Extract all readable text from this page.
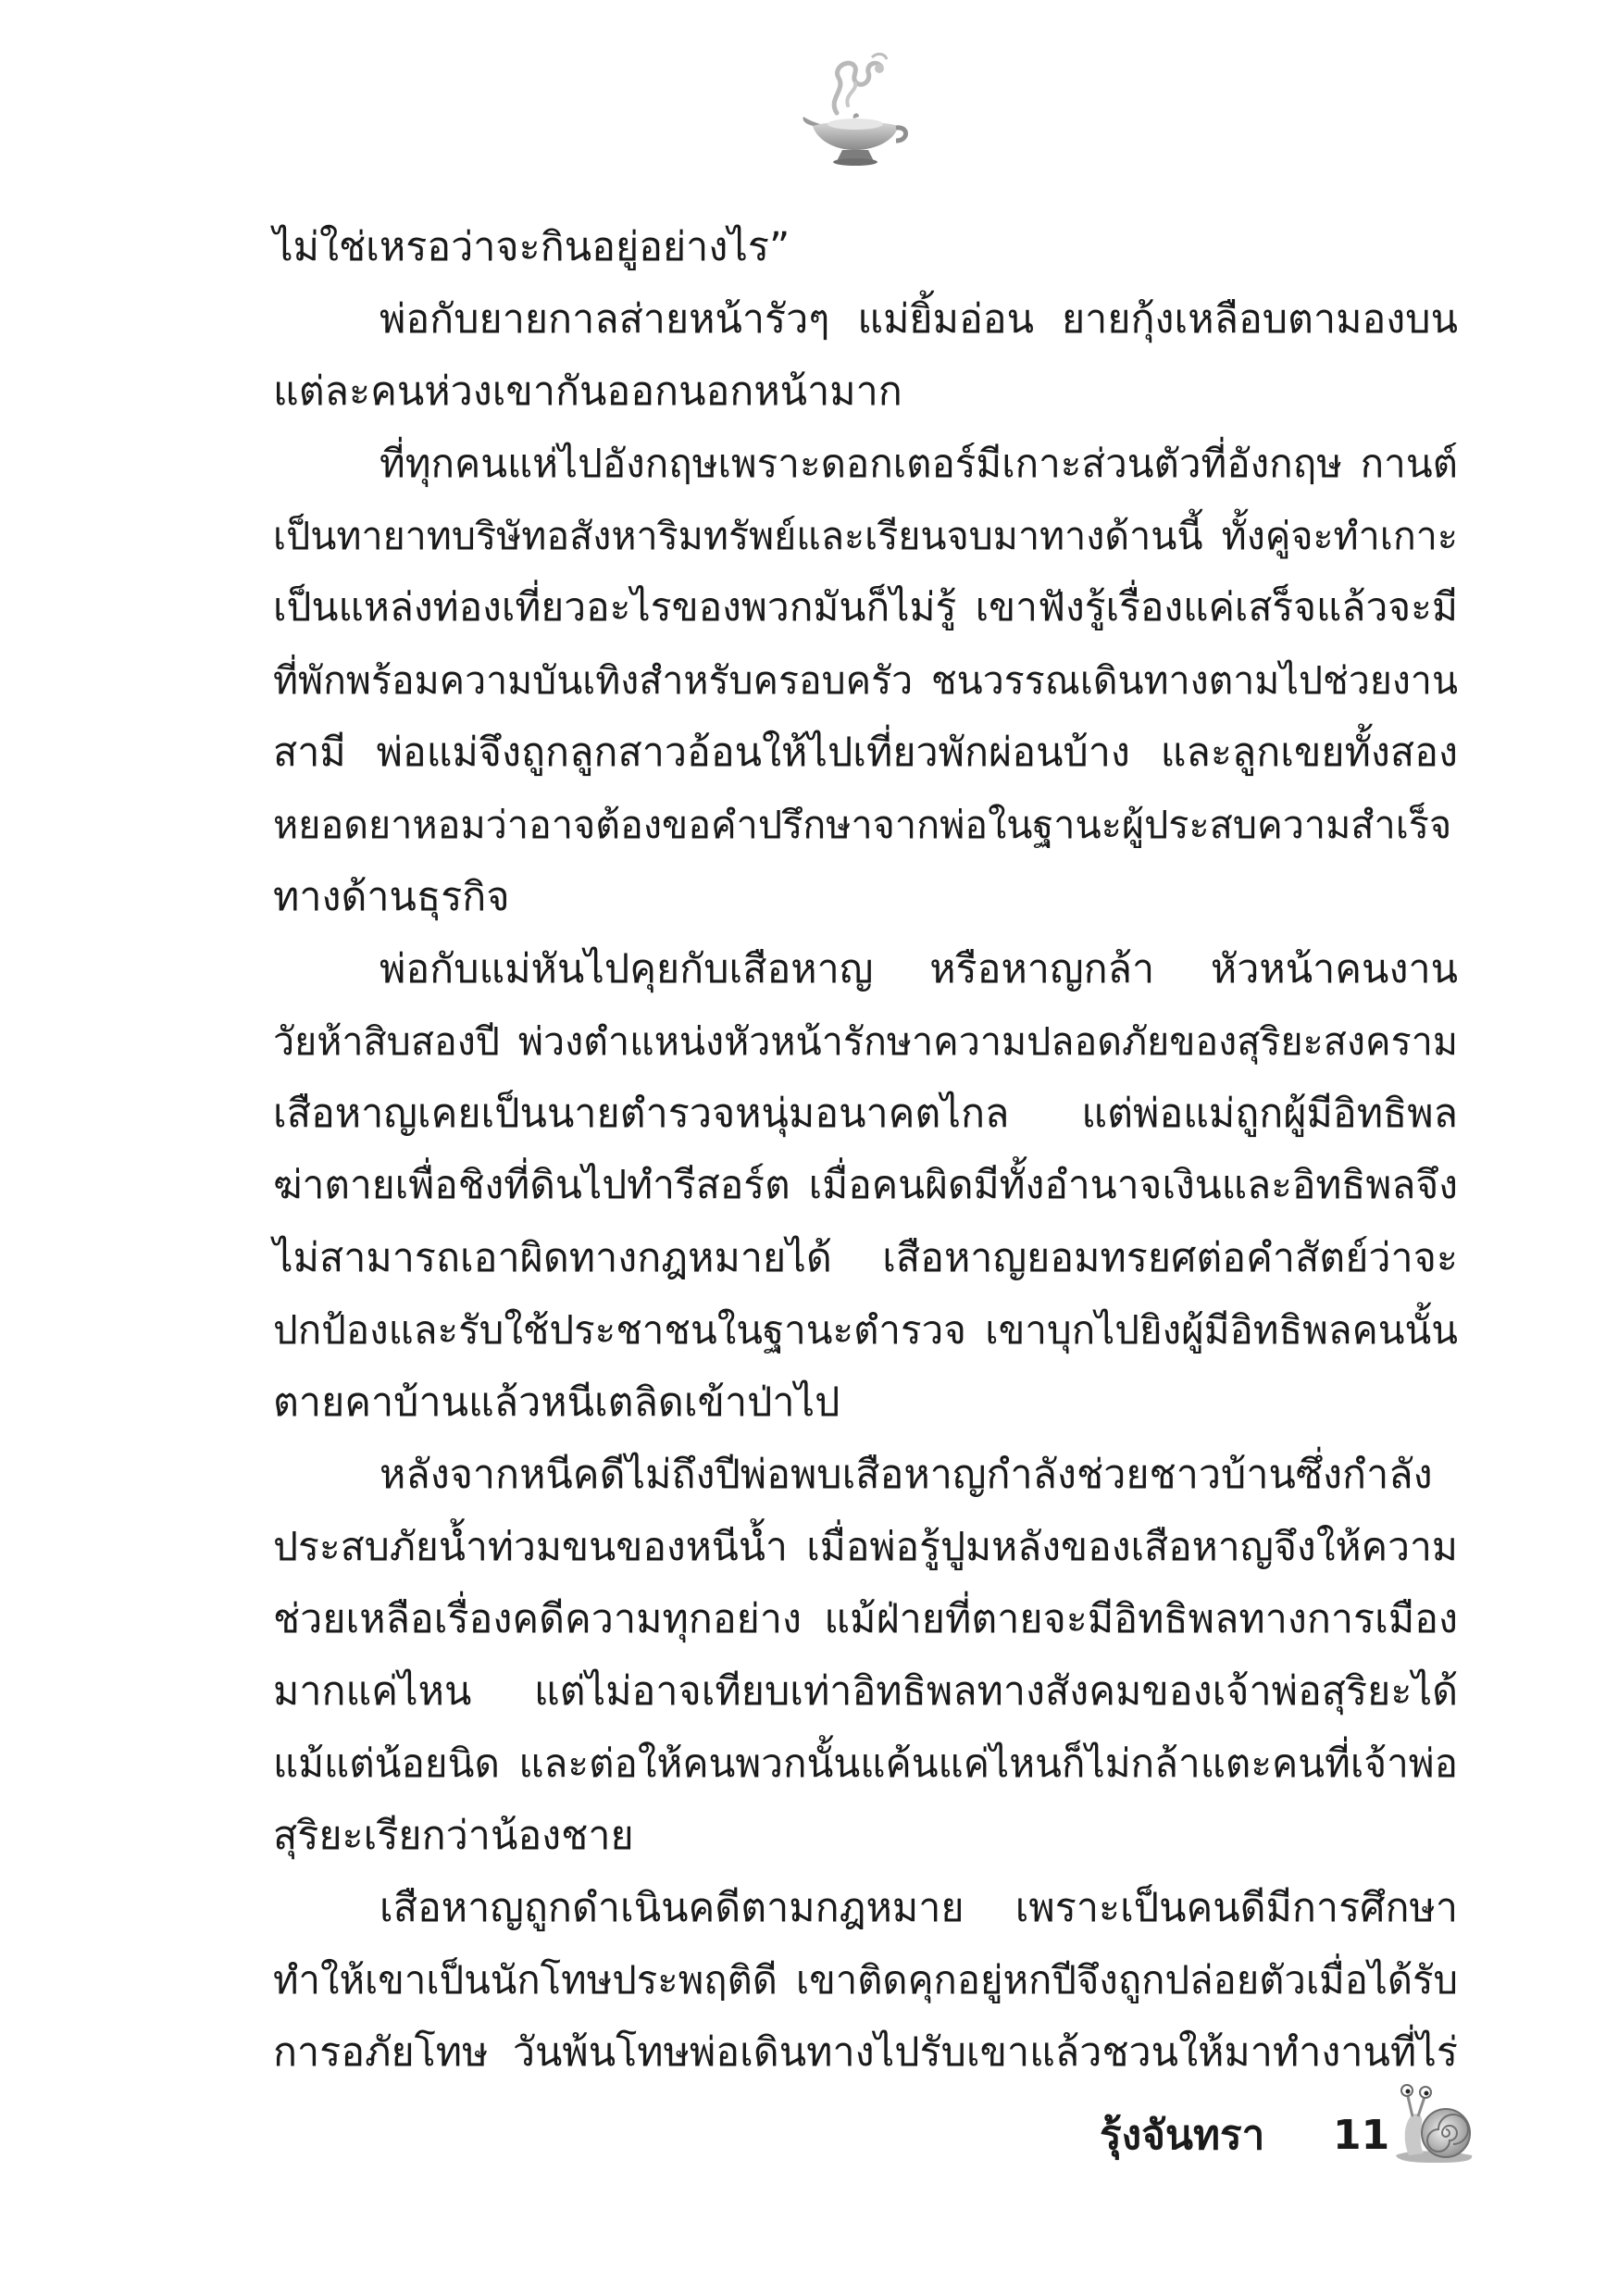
ไม่ใช่เหรอว่าจะกินอยู่อย่างไร”
พ่อกับยายกาลส่ายหน้ารัวๆ แม่ยิ้มอ่อน ยายกุ้งเหลือบตามองบน
แต่ละคนห่วงเขากันออกนอกหน้ามาก
ที่ทุกคนแห่ไปอังกฤษเพราะดอกเตอร์มีเกาะส่วนตัวที่อังกฤษ กานต์
เป็นทายาทบริษัทอสังหาริมทรัพย์และเรียนจบมาทางด้านนี้ ทั้งคู่จะทำเกาะ
เป็นแหล่งท่องเที่ยวอะไรของพวกมันก็ไม่รู้ เขาฟังรู้เรื่องแค่เสร็จแล้วจะมี
ที่พักพร้อมความบันเทิงสำหรับครอบครัว ชนวรรณเดินทางตามไปช่วยงาน
สามี พ่อแม่จึงถูกลูกสาวอ้อนให้ไปเที่ยวพักผ่อนบ้าง และลูกเขยทั้งสอง
หยอดยาหอมว่าอาจต้องขอคำปรึกษาจากพ่อในฐานะผู้ประสบความสำเร็จ
ทางด้านธุรกิจ
พ่อกับแม่หันไปคุยกับเสือหาญ หรือหาญกล้า หัวหน้าคนงาน
วัยห้าสิบสองปี พ่วงตำแหน่งหัวหน้ารักษาความปลอดภัยของสุริยะสงคราม
เสือหาญเคยเป็นนายตำรวจหนุ่มอนาคตไกล แต่พ่อแม่ถูกผู้มีอิทธิพล
ฆ่าตายเพื่อชิงที่ดินไปทำรีสอร์ต เมื่อคนผิดมีทั้งอำนาจเงินและอิทธิพลจึง
ไม่สามารถเอาผิดทางกฎหมายได้ เสือหาญยอมทรยศต่อคำสัตย์ว่าจะ
ปกป้องและรับใช้ประชาชนในฐานะตำรวจ เขาบุกไปยิงผู้มีอิทธิพลคนนั้น
ตายคาบ้านแล้วหนีเตลิดเข้าป่าไป
หลังจากหนีคดีไม่ถึงปีพ่อพบเสือหาญกำลังช่วยชาวบ้านซึ่งกำลัง
ประสบภัยน้ำท่วมขนของหนีน้ำ เมื่อพ่อรู้ปูมหลังของเสือหาญจึงให้ความ
ช่วยเหลือเรื่องคดีความทุกอย่าง แม้ฝ่ายที่ตายจะมีอิทธิพลทางการเมือง
มากแค่ไหน แต่ไม่อาจเทียบเท่าอิทธิพลทางสังคมของเจ้าพ่อสุริยะได้
แม้แต่น้อยนิด และต่อให้คนพวกนั้นแค้นแค่ไหนก็ไม่กล้าแตะคนที่เจ้าพ่อ
สุริยะเรียกว่าน้องชาย
เสือหาญถูกดำเนินคดีตามกฎหมาย เพราะเป็นคนดีมีการศึกษา
ทำให้เขาเป็นนักโทษประพฤติดี เขาติดคุกอยู่หกปีจึงถูกปล่อยตัวเมื่อได้รับ
การอภัยโทษ วันพ้นโทษพ่อเดินทางไปรับเขาแล้วชวนให้มาทำงานที่ไร่
รุ้งจันทรา 11
